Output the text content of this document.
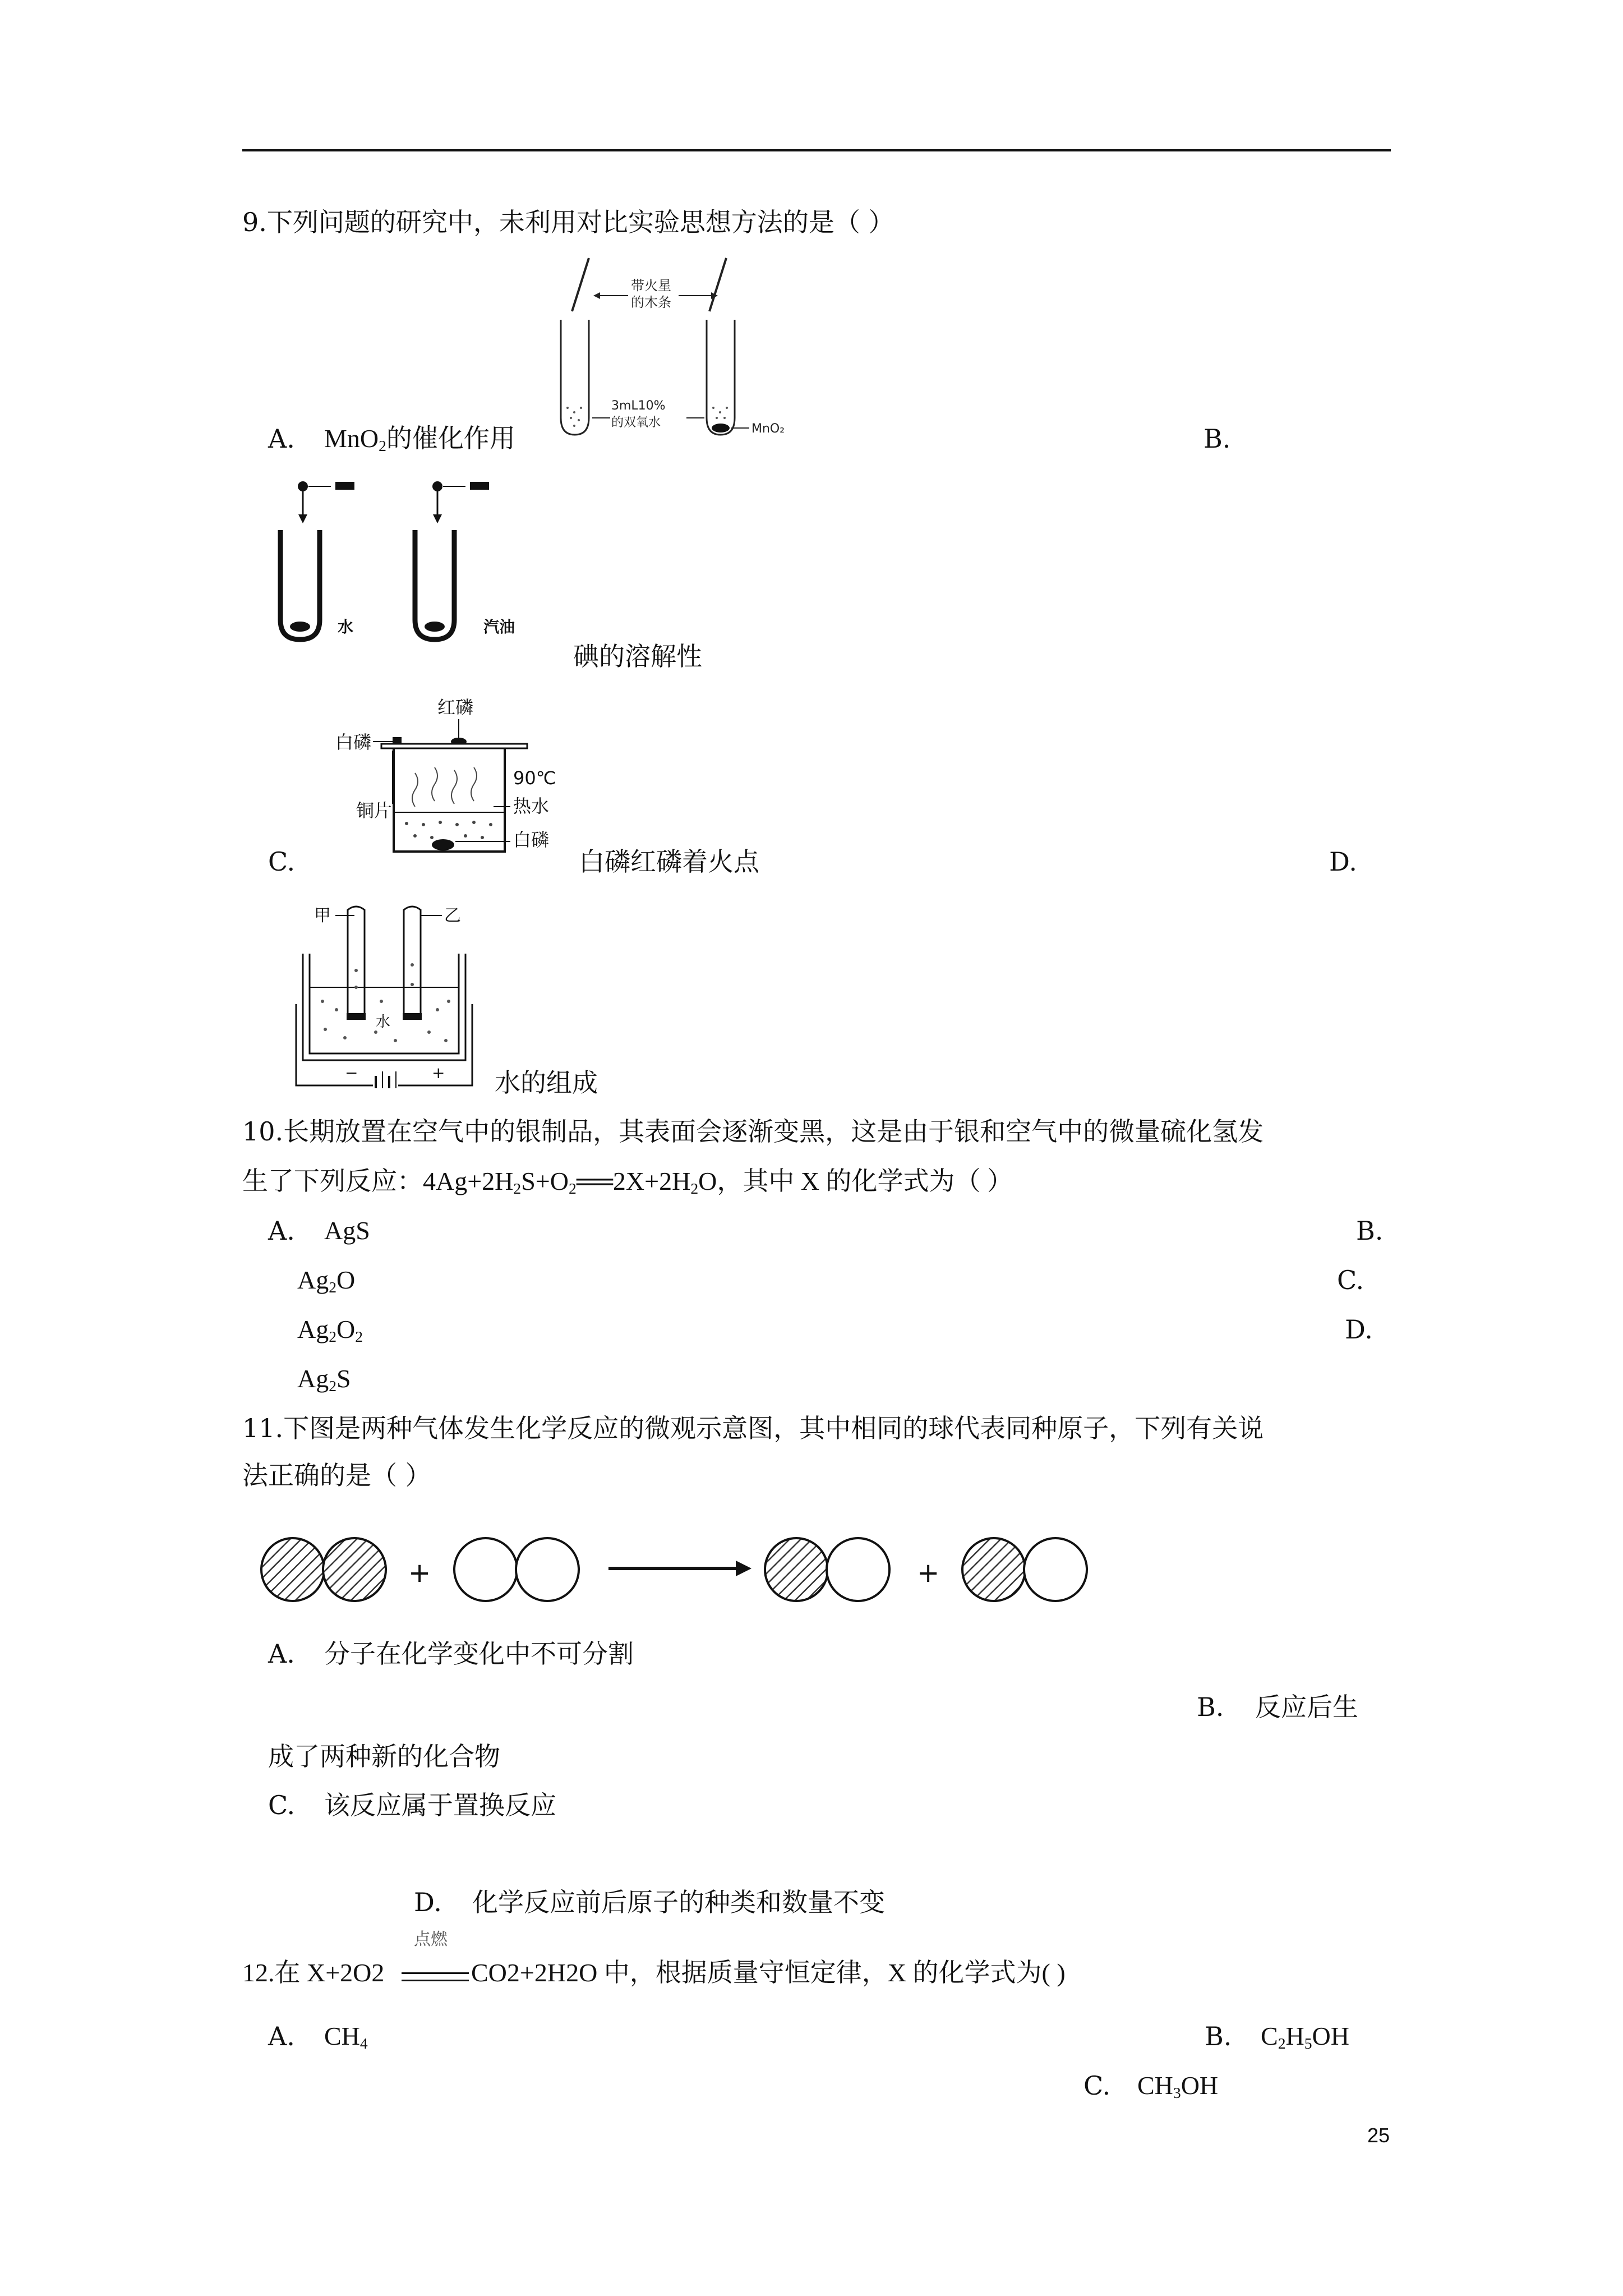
9.下列问题的研究中，未利用对比实验思想方法的是（ ）
带火星
的木条
3mL10%
的双氧水	MnO₂
A. MnO$_2$的催化作用	B.
水	汽油
碘的溶解性
红磷
白磷
铜片
90℃
热水
白磷
C.	白磷红磷着火点	D.
甲	乙
水
−	+ 水的组成
10.长期放置在空气中的银制品，其表面会逐渐变黑，这是由于银和空气中的微量硫化氢发
生了下列反应：$4Ag+2H_2S+O_2══2X+2H_2O$，其中 X 的化学式为（ ）
A. AgS	B.
$Ag_2O$	C.
$Ag_2O_2$	D.
$Ag_2S$
11.下图是两种气体发生化学反应的微观示意图，其中相同的球代表同种原子，下列有关说
法正确的是（ ）
+	+
A. 分子在化学变化中不可分割
B. 反应后生
成了两种新的化合物
C. 该反应属于置换反应
D. 化学反应前后原子的种类和数量不变
点燃
12.在 X+2O2	CO2+2H2O 中，根据质量守恒定律，X 的化学式为( )
A. $CH_4$	B. $C_2H_5OH$
C. $CH_3OH$
25
